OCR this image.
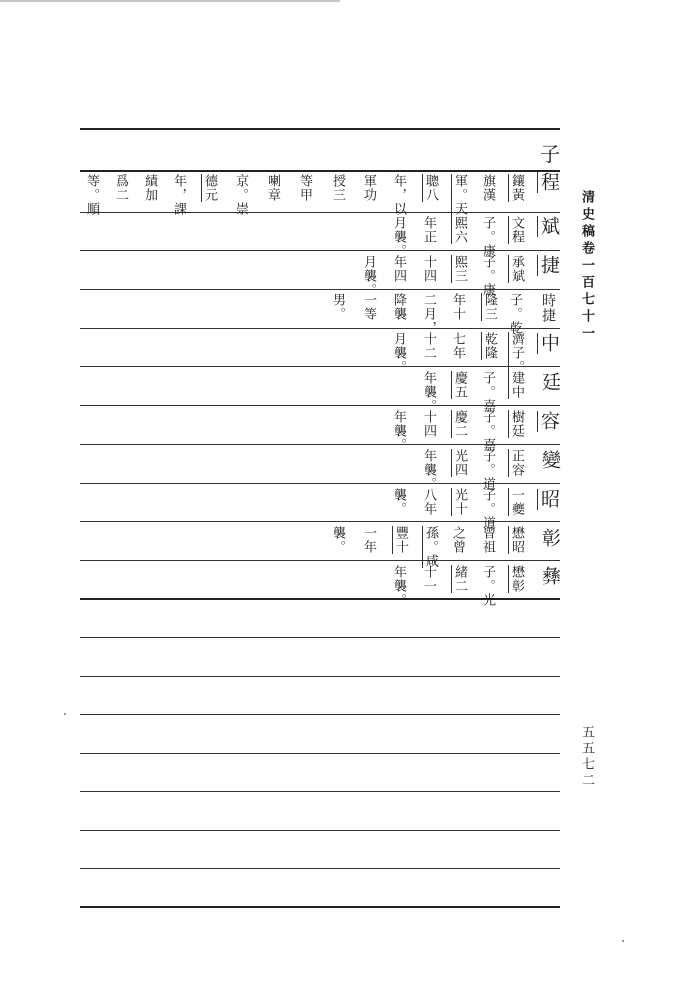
清史稿卷一百七十一
五五七二
子
程
鑲黃
旗漢
軍。天
聰八
年，以
軍功
授三
等甲
喇章
京。崇
德元
年，課
績加
爲二
等。順
斌
文程
子。康
熙六
年正
月襲。
捷
承斌
子。康
熙三
十四
年四
月襲。
時捷
子。乾
隆三
年十
二月，
降襲
一等
男。
中
濟子。
乾隆
七年
十二
月襲。
廷
建中
子。嘉
慶五
年襲。
容
樹廷
子。嘉
慶二
十四
年襲。
變
正容
子。道
光四
年襲。
昭
一夔
子。道
光十
八年
襲。
彰
懋昭
曾祖
之曾
孫。咸
豐十
一年
襲。
彝
懋彰
子。光
緒二
十一
年襲。
